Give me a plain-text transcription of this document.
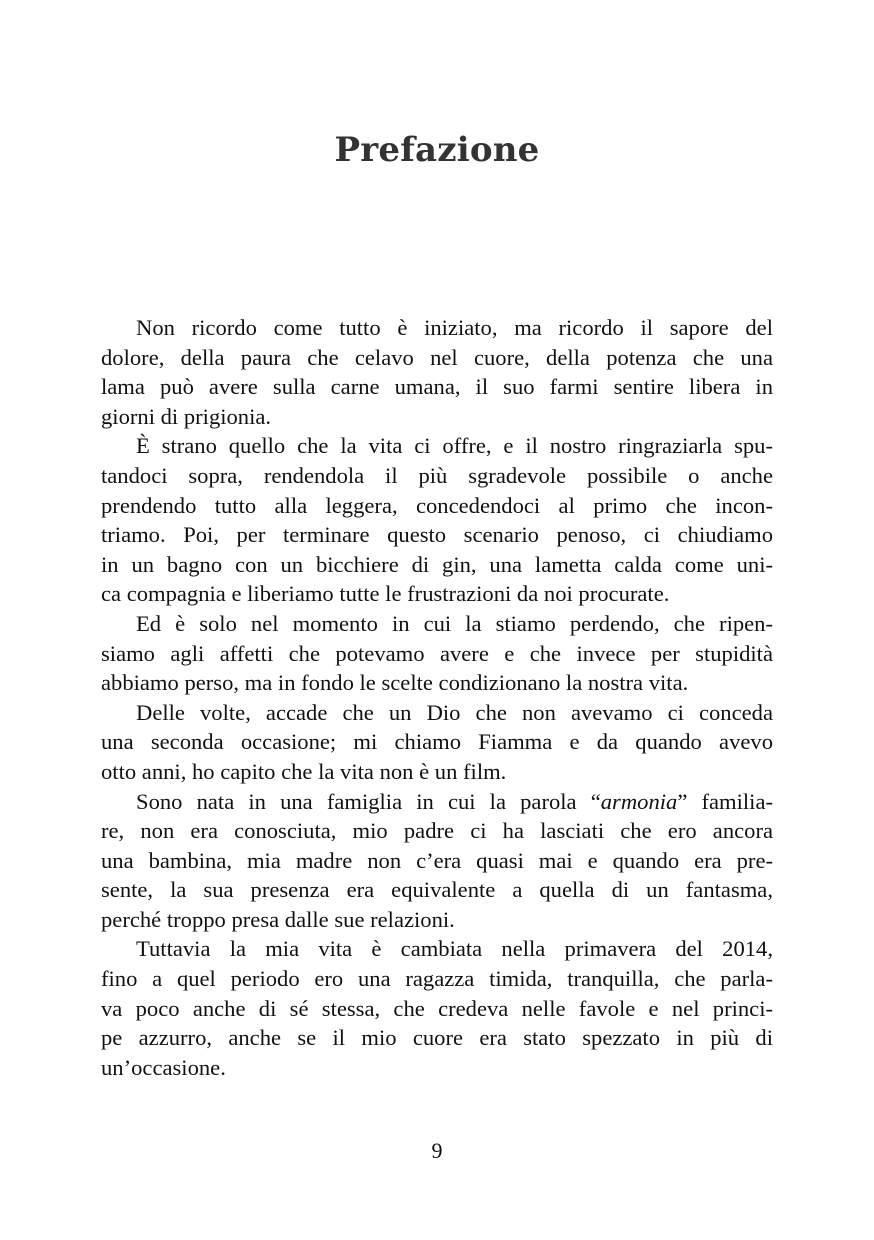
Prefazione
Non ricordo come tutto è iniziato, ma ricordo il sapore del
dolore, della paura che celavo nel cuore, della potenza che una
lama può avere sulla carne umana, il suo farmi sentire libera in
giorni di prigionia.
È strano quello che la vita ci offre, e il nostro ringraziarla spu-
tandoci sopra, rendendola il più sgradevole possibile o anche
prendendo tutto alla leggera, concedendoci al primo che incon-
triamo. Poi, per terminare questo scenario penoso, ci chiudiamo
in un bagno con un bicchiere di gin, una lametta calda come uni-
ca compagnia e liberiamo tutte le frustrazioni da noi procurate.
Ed è solo nel momento in cui la stiamo perdendo, che ripen-
siamo agli affetti che potevamo avere e che invece per stupidità
abbiamo perso, ma in fondo le scelte condizionano la nostra vita.
Delle volte, accade che un Dio che non avevamo ci conceda
una seconda occasione; mi chiamo Fiamma e da quando avevo
otto anni, ho capito che la vita non è un film.
Sono nata in una famiglia in cui la parola “armonia” familia-
re, non era conosciuta, mio padre ci ha lasciati che ero ancora
una bambina, mia madre non c’era quasi mai e quando era pre-
sente, la sua presenza era equivalente a quella di un fantasma,
perché troppo presa dalle sue relazioni.
Tuttavia la mia vita è cambiata nella primavera del 2014,
fino a quel periodo ero una ragazza timida, tranquilla, che parla-
va poco anche di sé stessa, che credeva nelle favole e nel princi-
pe azzurro, anche se il mio cuore era stato spezzato in più di
un’occasione.
9
